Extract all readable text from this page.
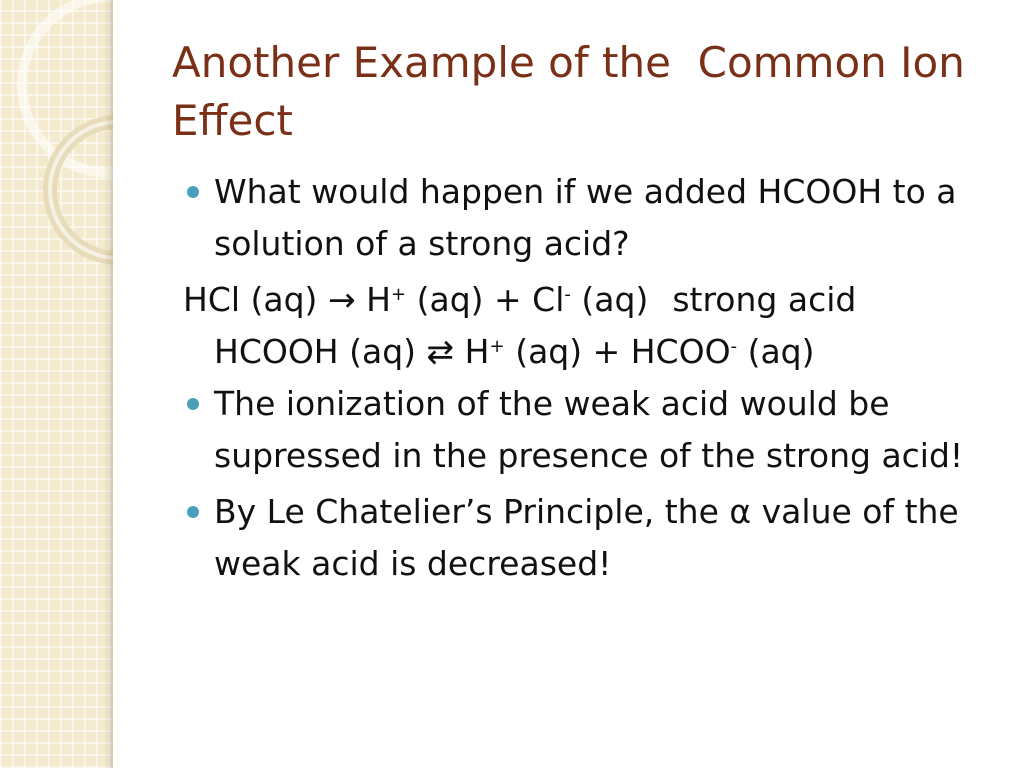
Another Example of the  Common Ion Effect
What would happen if we added HCOOH to a solution of a strong acid?
HCl (aq) → H+ (aq) + Cl- (aq) strong acid
HCOOH (aq) ⇄ H+ (aq) + HCOO- (aq)
The ionization of the weak acid would be supressed in the presence of the strong acid!
By Le Chatelier’s Principle, the α value of the weak acid is decreased!
